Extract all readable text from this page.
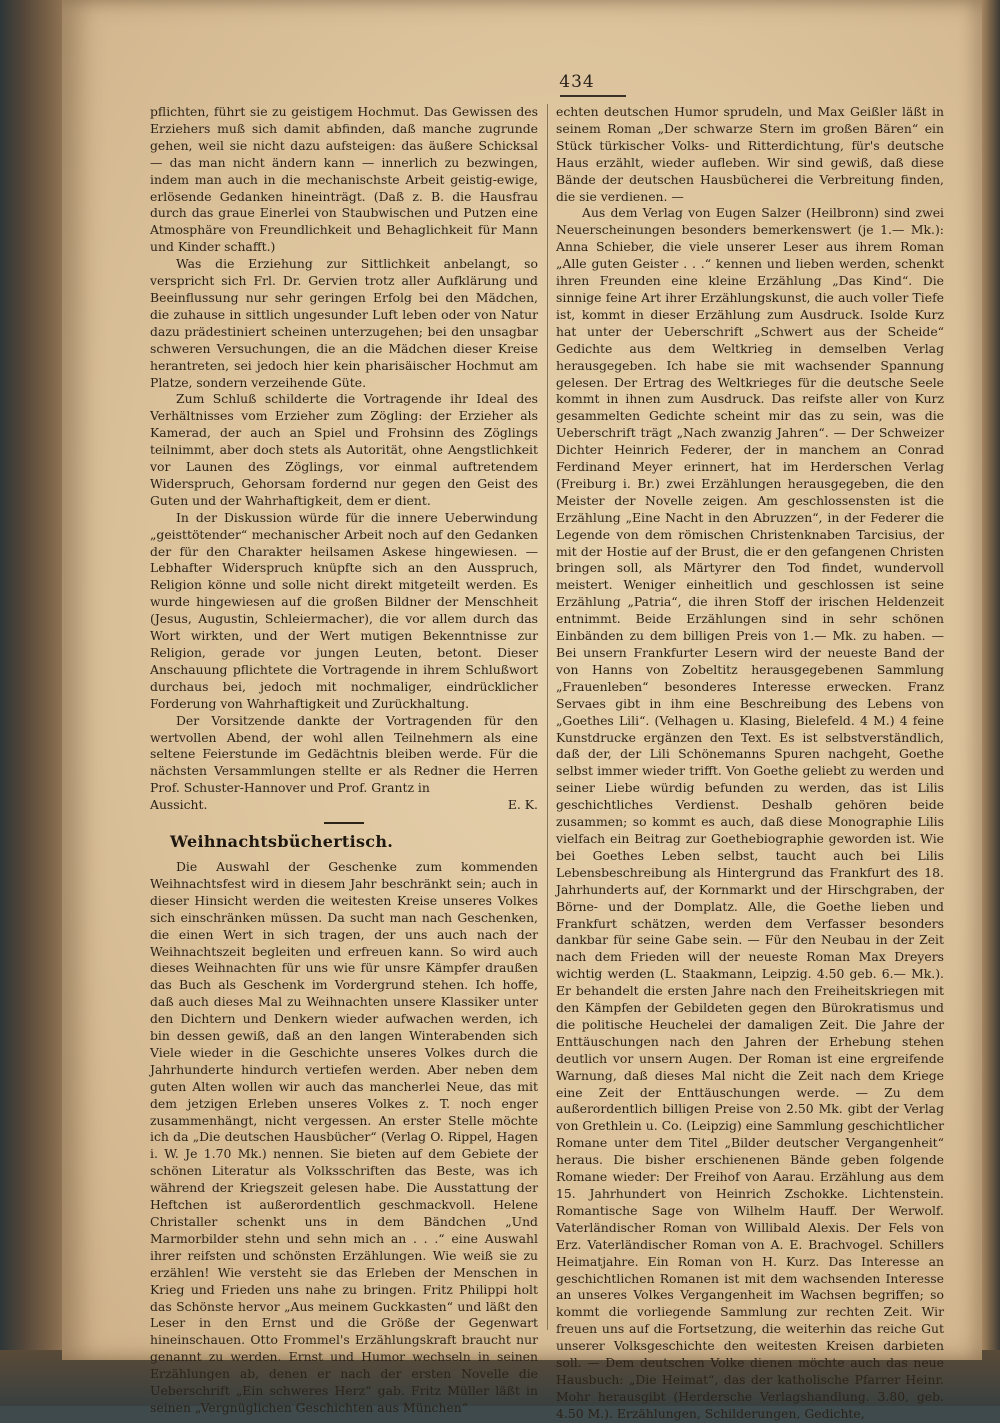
434

pflichten, führt sie zu geistigem Hochmut. Das Gewissen des Erziehers muß sich damit abfinden, daß manche zugrunde gehen, weil sie nicht dazu aufsteigen: das äußere Schicksal — das man nicht ändern kann — innerlich zu bezwingen, indem man auch in die mechanischste Arbeit geistig-ewige, erlösende Gedanken hineinträgt. (Daß z. B. die Hausfrau durch das graue Einerlei von Staubwischen und Putzen eine Atmosphäre von Freundlichkeit und Behaglichkeit für Mann und Kinder schafft.)

Was die Erziehung zur Sittlichkeit anbelangt, so verspricht sich Frl. Dr. Gervien trotz aller Aufklärung und Beeinflussung nur sehr geringen Erfolg bei den Mädchen, die zuhause in sittlich ungesunder Luft leben oder von Natur dazu prädestiniert scheinen unterzugehen; bei den unsagbar schweren Versuchungen, die an die Mädchen dieser Kreise herantreten, sei jedoch hier kein pharisäischer Hochmut am Platze, sondern verzeihende Güte.

Zum Schluß schilderte die Vortragende ihr Ideal des Verhältnisses vom Erzieher zum Zögling: der Erzieher als Kamerad, der auch an Spiel und Frohsinn des Zöglings teilnimmt, aber doch stets als Autorität, ohne Aengstlichkeit vor Launen des Zöglings, vor einmal auftretendem Widerspruch, Gehorsam fordernd nur gegen den Geist des Guten und der Wahrhaftigkeit, dem er dient.

In der Diskussion würde für die innere Ueberwindung „geisttötender“ mechanischer Arbeit noch auf den Gedanken der für den Charakter heilsamen Askese hingewiesen. — Lebhafter Widerspruch knüpfte sich an den Ausspruch, Religion könne und solle nicht direkt mitgeteilt werden. Es wurde hingewiesen auf die großen Bildner der Menschheit (Jesus, Augustin, Schleiermacher), die vor allem durch das Wort wirkten, und der Wert mutigen Bekenntnisse zur Religion, gerade vor jungen Leuten, betont. Dieser Anschauung pflichtete die Vortragende in ihrem Schlußwort durchaus bei, jedoch mit nochmaliger, eindrücklicher Forderung von Wahrhaftigkeit und Zurückhaltung.

Der Vorsitzende dankte der Vortragenden für den wertvollen Abend, der wohl allen Teilnehmern als eine seltene Feierstunde im Gedächtnis bleiben werde. Für die nächsten Versammlungen stellte er als Redner die Herren Prof. Schuster-Hannover und Prof. Grantz in

Aussicht.	E. K.
Weihnachtsbüchertisch.

Die Auswahl der Geschenke zum kommenden Weihnachtsfest wird in diesem Jahr beschränkt sein; auch in dieser Hinsicht werden die weitesten Kreise unseres Volkes sich einschränken müssen. Da sucht man nach Geschenken, die einen Wert in sich tragen, der uns auch nach der Weihnachtszeit begleiten und erfreuen kann. So wird auch dieses Weihnachten für uns wie für unsre Kämpfer draußen das Buch als Geschenk im Vordergrund stehen. Ich hoffe, daß auch dieses Mal zu Weihnachten unsere Klassiker unter den Dichtern und Denkern wieder aufwachen werden, ich bin dessen gewiß, daß an den langen Winterabenden sich Viele wieder in die Geschichte unseres Volkes durch die Jahrhunderte hindurch vertiefen werden. Aber neben dem guten Alten wollen wir auch das mancherlei Neue, das mit dem jetzigen Erleben unseres Volkes z. T. noch enger zusammenhängt, nicht vergessen. An erster Stelle möchte ich da „Die deutschen Hausbücher“ (Verlag O. Rippel, Hagen i. W. Je 1.70 Mk.) nennen. Sie bieten auf dem Gebiete der schönen Literatur als Volksschriften das Beste, was ich während der Kriegszeit gelesen habe. Die Ausstattung der Heftchen ist außerordentlich geschmackvoll. Helene Christaller schenkt uns in dem Bändchen „Und Marmorbilder stehn und sehn mich an . . .“ eine Auswahl ihrer reifsten und schönsten Erzählungen. Wie weiß sie zu erzählen! Wie versteht sie das Erleben der Menschen in Krieg und Frieden uns nahe zu bringen. Fritz Philippi holt das Schönste hervor „Aus meinem Guckkasten“ und läßt den Leser in den Ernst und die Größe der Gegenwart hineinschauen. Otto Frommel's Erzählungskraft braucht nur genannt zu werden. Ernst und Humor wechseln in seinen Erzählungen ab, denen er nach der ersten Novelle die Ueberschrift „Ein schweres Herz“ gab. Fritz Müller läßt in seinen „Vergnüglichen Geschichten aus München“

echten deutschen Humor sprudeln, und Max Geißler läßt in seinem Roman „Der schwarze Stern im großen Bären“ ein Stück türkischer Volks- und Ritterdichtung, für's deutsche Haus erzählt, wieder aufleben. Wir sind gewiß, daß diese Bände der deutschen Hausbücherei die Verbreitung finden, die sie verdienen. —

Aus dem Verlag von Eugen Salzer (Heilbronn) sind zwei Neuerscheinungen besonders bemerkenswert (je 1.— Mk.): Anna Schieber, die viele unserer Leser aus ihrem Roman „Alle guten Geister . . .“ kennen und lieben werden, schenkt ihren Freunden eine kleine Erzählung „Das Kind“. Die sinnige feine Art ihrer Erzählungskunst, die auch voller Tiefe ist, kommt in dieser Erzählung zum Ausdruck. Isolde Kurz hat unter der Ueberschrift „Schwert aus der Scheide“ Gedichte aus dem Weltkrieg in demselben Verlag herausgegeben. Ich habe sie mit wachsender Spannung gelesen. Der Ertrag des Weltkrieges für die deutsche Seele kommt in ihnen zum Ausdruck. Das reifste aller von Kurz gesammelten Gedichte scheint mir das zu sein, was die Ueberschrift trägt „Nach zwanzig Jahren“. — Der Schweizer Dichter Heinrich Federer, der in manchem an Conrad Ferdinand Meyer erinnert, hat im Herderschen Verlag (Freiburg i. Br.) zwei Erzählungen herausgegeben, die den Meister der Novelle zeigen. Am geschlossensten ist die Erzählung „Eine Nacht in den Abruzzen“, in der Federer die Legende von dem römischen Christenknaben Tarcisius, der mit der Hostie auf der Brust, die er den gefangenen Christen bringen soll, als Märtyrer den Tod findet, wundervoll meistert. Weniger einheitlich und geschlossen ist seine Erzählung „Patria“, die ihren Stoff der irischen Heldenzeit entnimmt. Beide Erzählungen sind in sehr schönen Einbänden zu dem billigen Preis von 1.— Mk. zu haben. — Bei unsern Frankfurter Lesern wird der neueste Band der von Hanns von Zobeltitz herausgegebenen Sammlung „Frauenleben“ besonderes Interesse erwecken. Franz Servaes gibt in ihm eine Beschreibung des Lebens von „Goethes Lili“. (Velhagen u. Klasing, Bielefeld. 4 M.) 4 feine Kunstdrucke ergänzen den Text. Es ist selbstverständlich, daß der, der Lili Schönemanns Spuren nachgeht, Goethe selbst immer wieder trifft. Von Goethe geliebt zu werden und seiner Liebe würdig befunden zu werden, das ist Lilis geschichtliches Verdienst. Deshalb gehören beide zusammen; so kommt es auch, daß diese Monographie Lilis vielfach ein Beitrag zur Goethebiographie geworden ist. Wie bei Goethes Leben selbst, taucht auch bei Lilis Lebensbeschreibung als Hintergrund das Frankfurt des 18. Jahrhunderts auf, der Kornmarkt und der Hirschgraben, der Börne- und der Domplatz. Alle, die Goethe lieben und Frankfurt schätzen, werden dem Verfasser besonders dankbar für seine Gabe sein. — Für den Neubau in der Zeit nach dem Frieden will der neueste Roman Max Dreyers wichtig werden (L. Staakmann, Leipzig. 4.50 geb. 6.— Mk.). Er behandelt die ersten Jahre nach den Freiheitskriegen mit den Kämpfen der Gebildeten gegen den Bürokratismus und die politische Heuchelei der damaligen Zeit. Die Jahre der Enttäuschungen nach den Jahren der Erhebung stehen deutlich vor unsern Augen. Der Roman ist eine ergreifende Warnung, daß dieses Mal nicht die Zeit nach dem Kriege eine Zeit der Enttäuschungen werde. — Zu dem außerordentlich billigen Preise von 2.50 Mk. gibt der Verlag von Grethlein u. Co. (Leipzig) eine Sammlung geschichtlicher Romane unter dem Titel „Bilder deutscher Vergangenheit“ heraus. Die bisher erschienenen Bände geben folgende Romane wieder: Der Freihof von Aarau. Erzählung aus dem 15. Jahrhundert von Heinrich Zschokke. Lichtenstein. Romantische Sage von Wilhelm Hauff. Der Werwolf. Vaterländischer Roman von Willibald Alexis. Der Fels von Erz. Vaterländischer Roman von A. E. Brachvogel. Schillers Heimatjahre. Ein Roman von H. Kurz. Das Interesse an geschichtlichen Romanen ist mit dem wachsenden Interesse an unseres Volkes Vergangenheit im Wachsen begriffen; so kommt die vorliegende Sammlung zur rechten Zeit. Wir freuen uns auf die Fortsetzung, die weiterhin das reiche Gut unserer Volksgeschichte den weitesten Kreisen darbieten soll. — Dem deutschen Volke dienen möchte auch das neue Hausbuch: „Die Heimat“, das der katholische Pfarrer Heinr. Mohr herausgibt (Herdersche Verlagshandlung. 3.80, geb. 4.50 M.). Erzählungen, Schilderungen, Gedichte,
